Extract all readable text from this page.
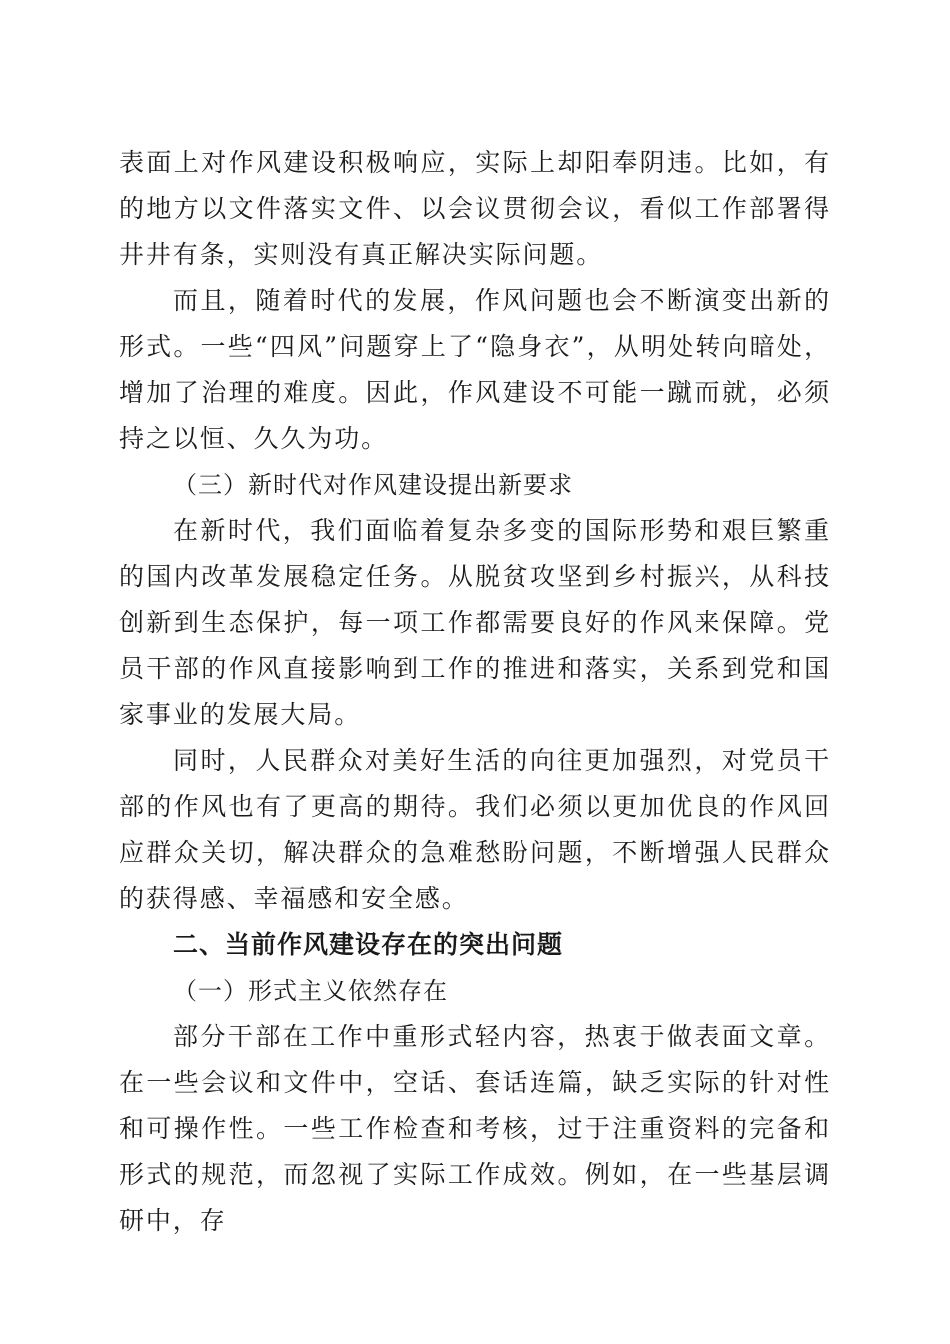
表面上对作风建设积极响应，实际上却阳奉阴违。比如，有的地方以文件落实文件、以会议贯彻会议，看似工作部署得井井有条，实则没有真正解决实际问题。

而且，随着时代的发展，作风问题也会不断演变出新的形式。一些“四风”问题穿上了“隐身衣”，从明处转向暗处，增加了治理的难度。因此，作风建设不可能一蹴而就，必须持之以恒、久久为功。

（三）新时代对作风建设提出新要求

在新时代，我们面临着复杂多变的国际形势和艰巨繁重的国内改革发展稳定任务。从脱贫攻坚到乡村振兴，从科技创新到生态保护，每一项工作都需要良好的作风来保障。党员干部的作风直接影响到工作的推进和落实，关系到党和国家事业的发展大局。

同时，人民群众对美好生活的向往更加强烈，对党员干部的作风也有了更高的期待。我们必须以更加优良的作风回应群众关切，解决群众的急难愁盼问题，不断增强人民群众的获得感、幸福感和安全感。

二、当前作风建设存在的突出问题

（一）形式主义依然存在

部分干部在工作中重形式轻内容，热衷于做表面文章。在一些会议和文件中，空话、套话连篇，缺乏实际的针对性和可操作性。一些工作检查和考核，过于注重资料的完备和形式的规范，而忽视了实际工作成效。例如，在一些基层调研中，存
